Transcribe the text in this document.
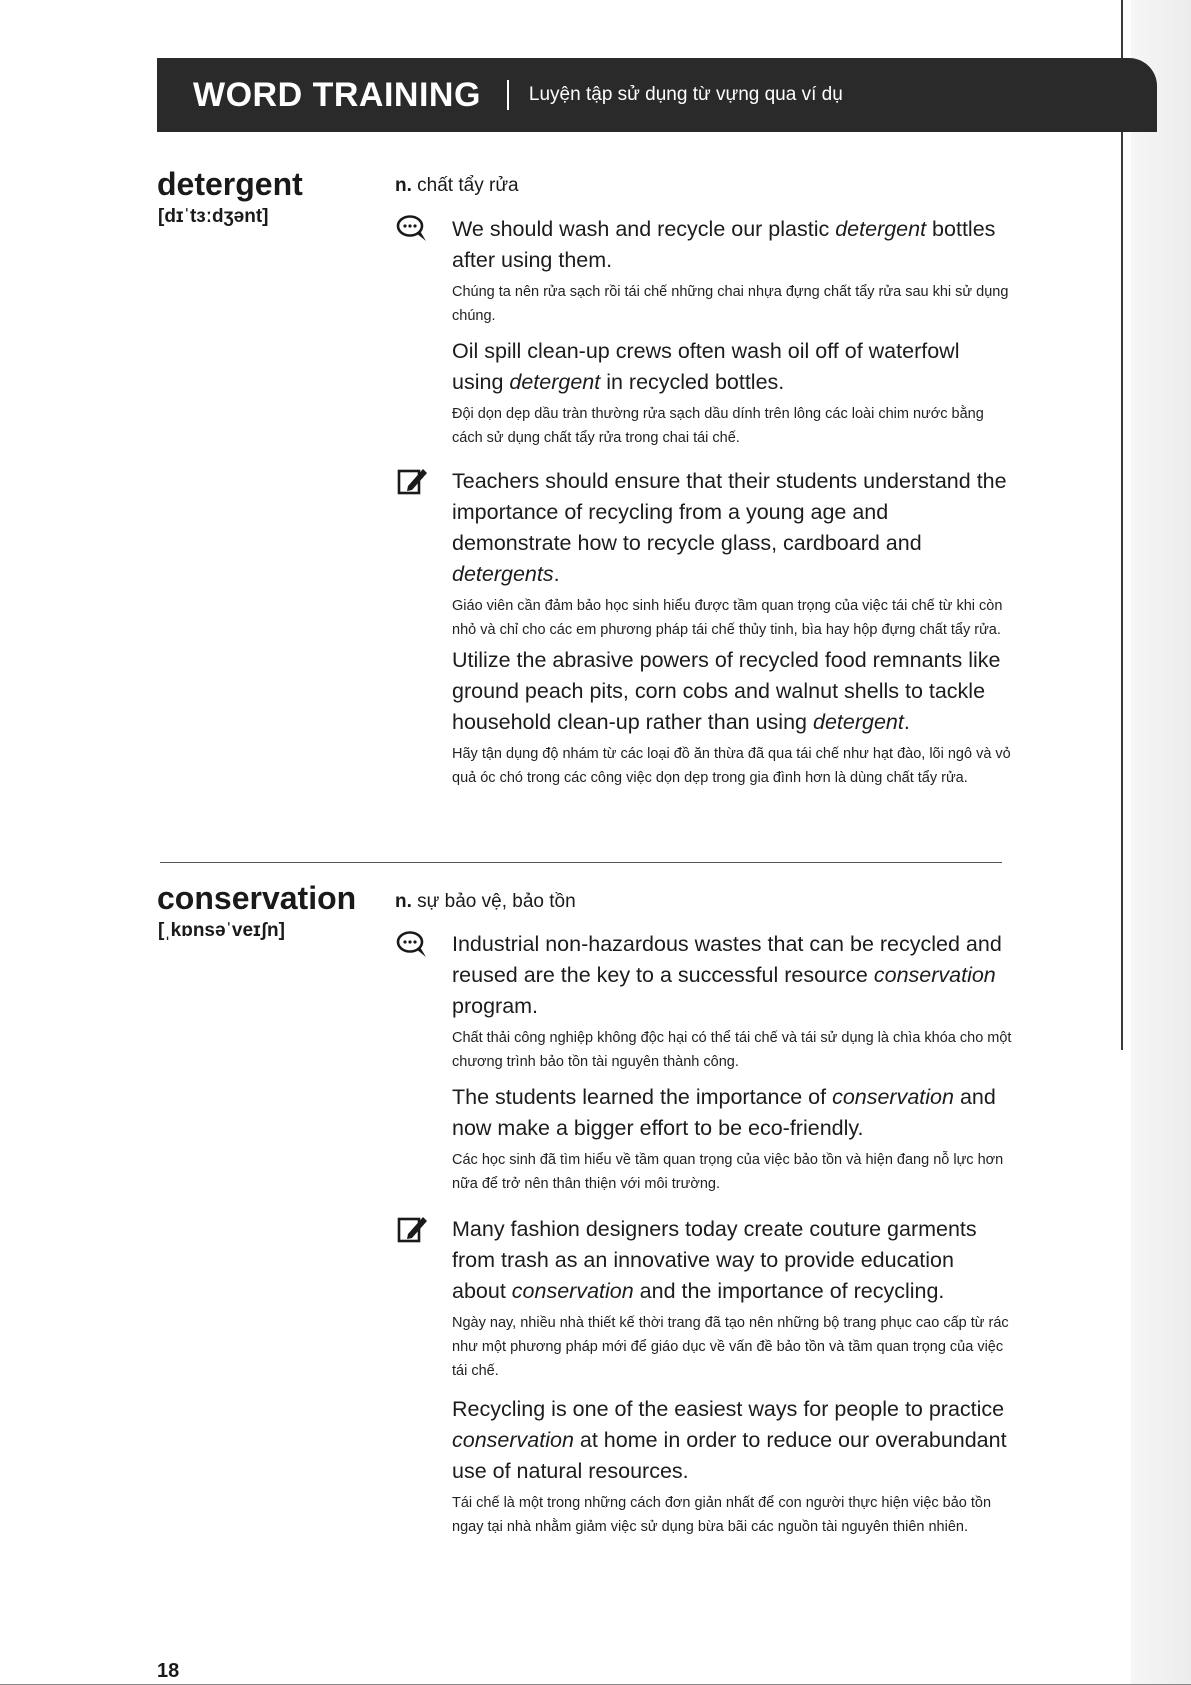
WORD TRAINING	Luyện tập sử dụng từ vựng qua ví dụ
detergent
[dɪˈtɜːdʒənt]
n. chất tẩy rửa

We should wash and recycle our plastic detergent bottles after using them.

Chúng ta nên rửa sạch rồi tái chế những chai nhựa đựng chất tẩy rửa sau khi sử dụng chúng.

Oil spill clean-up crews often wash oil off of waterfowl using detergent in recycled bottles.

Đội dọn dẹp dầu tràn thường rửa sạch dầu dính trên lông các loài chim nước bằng cách sử dụng chất tẩy rửa trong chai tái chế.

Teachers should ensure that their students understand the importance of recycling from a young age and demonstrate how to recycle glass, cardboard and detergents.

Giáo viên cần đảm bảo học sinh hiểu được tầm quan trọng của việc tái chế từ khi còn nhỏ và chỉ cho các em phương pháp tái chế thủy tinh, bìa hay hộp đựng chất tẩy rửa.

Utilize the abrasive powers of recycled food remnants like ground peach pits, corn cobs and walnut shells to tackle household clean-up rather than using detergent.

Hãy tận dụng độ nhám từ các loại đồ ăn thừa đã qua tái chế như hạt đào, lõi ngô và vỏ quả óc chó trong các công việc dọn dẹp trong gia đình hơn là dùng chất tẩy rửa.

conservation
[ˌkɒnsəˈveɪʃn]
n. sự bảo vệ, bảo tồn

Industrial non-hazardous wastes that can be recycled and reused are the key to a successful resource conservation program.

Chất thải công nghiệp không độc hại có thể tái chế và tái sử dụng là chìa khóa cho một chương trình bảo tồn tài nguyên thành công.

The students learned the importance of conservation and now make a bigger effort to be eco-friendly.

Các học sinh đã tìm hiểu về tầm quan trọng của việc bảo tồn và hiện đang nỗ lực hơn nữa để trở nên thân thiện với môi trường.

Many fashion designers today create couture garments from trash as an innovative way to provide education about conservation and the importance of recycling.

Ngày nay, nhiều nhà thiết kế thời trang đã tạo nên những bộ trang phục cao cấp từ rác như một phương pháp mới để giáo dục về vấn đề bảo tồn và tầm quan trọng của việc tái chế.

Recycling is one of the easiest ways for people to practice conservation at home in order to reduce our overabundant use of natural resources.

Tái chế là một trong những cách đơn giản nhất để con người thực hiện việc bảo tồn ngay tại nhà nhằm giảm việc sử dụng bừa bãi các nguồn tài nguyên thiên nhiên.

18
